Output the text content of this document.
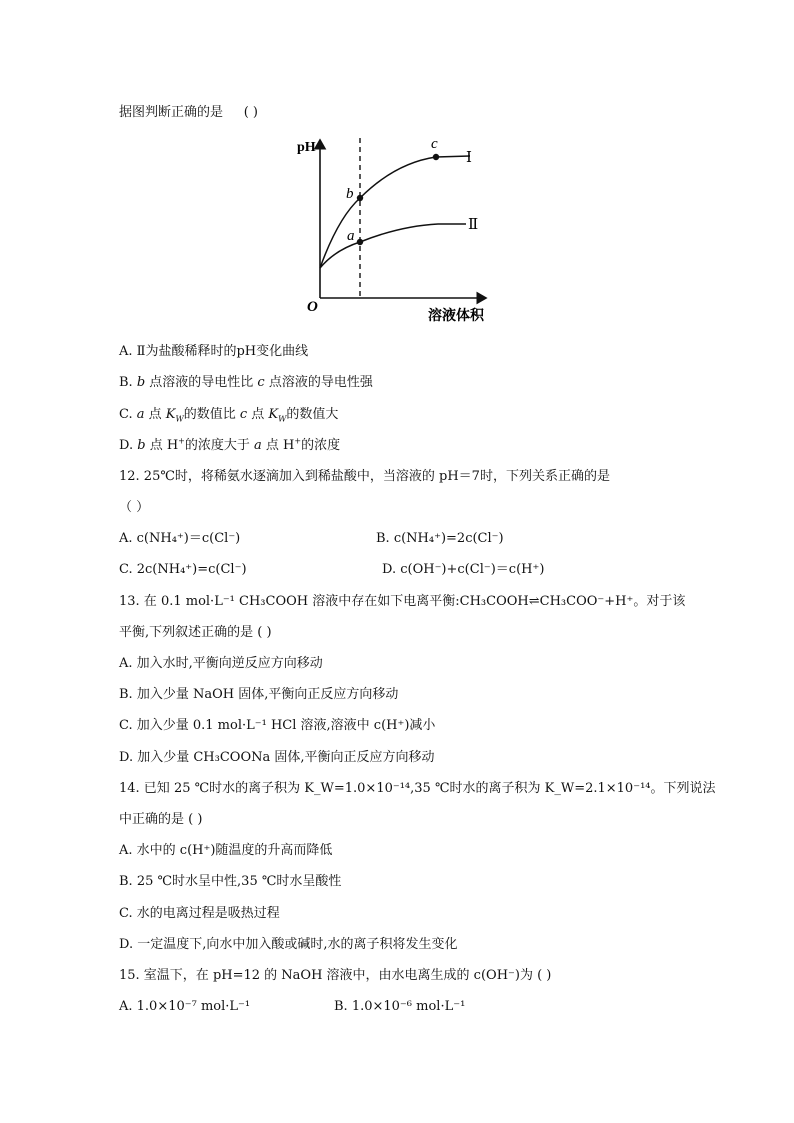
据图判断正确的是 ( )
pH
溶液体积
O
Ⅰ
Ⅱ
b
a
c
A. Ⅱ为盐酸稀释时的pH变化曲线
B. b 点溶液的导电性比 c 点溶液的导电性强
C. a 点 $K_W$的数值比 c 点 $K_W$的数值大
D. b 点 H+的浓度大于 a 点 H+的浓度
12. 25℃时，将稀氨水逐滴加入到稀盐酸中，当溶液的 pH＝7时，下列关系正确的是
（ ）
A. c(NH₄⁺)＝c(Cl⁻)	B. c(NH₄⁺)=2c(Cl⁻)
C. 2c(NH₄⁺)=c(Cl⁻)	D. c(OH⁻)+c(Cl⁻)＝c(H⁺)
13. 在 0.1 mol·L⁻¹ CH₃COOH 溶液中存在如下电离平衡:CH₃COOH⇌CH₃COO⁻+H⁺。对于该
平衡,下列叙述正确的是 ( )
A. 加入水时,平衡向逆反应方向移动
B. 加入少量 NaOH 固体,平衡向正反应方向移动
C. 加入少量 0.1 mol·L⁻¹ HCl 溶液,溶液中 c(H⁺)减小
D. 加入少量 CH₃COONa 固体,平衡向正反应方向移动
14. 已知 25 ℃时水的离子积为 K_W=1.0×10⁻¹⁴,35 ℃时水的离子积为 K_W=2.1×10⁻¹⁴。下列说法
中正确的是 ( )
A. 水中的 c(H⁺)随温度的升高而降低
B. 25 ℃时水呈中性,35 ℃时水呈酸性
C. 水的电离过程是吸热过程
D. 一定温度下,向水中加入酸或碱时,水的离子积将发生变化
15. 室温下，在 pH=12 的 NaOH 溶液中，由水电离生成的 c(OH⁻)为 ( )
A. 1.0×10⁻⁷ mol·L⁻¹	B. 1.0×10⁻⁶ mol·L⁻¹
